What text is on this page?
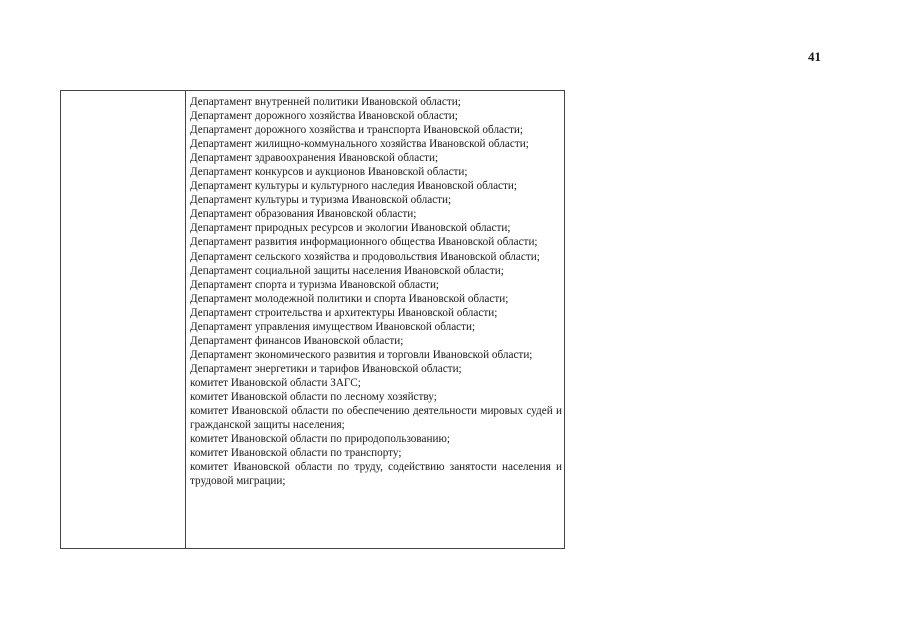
41
Департамент внутренней политики Ивановской области;
Департамент дорожного хозяйства Ивановской области;
Департамент дорожного хозяйства и транспорта Ивановской области;
Департамент жилищно-коммунального хозяйства Ивановской области;
Департамент здравоохранения Ивановской области;
Департамент конкурсов и аукционов Ивановской области;
Департамент культуры и культурного наследия Ивановской области;
Департамент культуры и туризма Ивановской области;
Департамент образования Ивановской области;
Департамент природных ресурсов и экологии Ивановской области;
Департамент развития информационного общества Ивановской области;
Департамент сельского хозяйства и продовольствия Ивановской области;
Департамент социальной защиты населения Ивановской области;
Департамент спорта и туризма Ивановской области;
Департамент молодежной политики и спорта Ивановской области;
Департамент строительства и архитектуры Ивановской области;
Департамент управления имуществом Ивановской области;
Департамент финансов Ивановской области;
Департамент экономического развития и торговли Ивановской области;
Департамент энергетики и тарифов Ивановской области;
комитет Ивановской области ЗАГС;
комитет Ивановской области по лесному хозяйству;
комитет Ивановской области по обеспечению деятельности мировых судей и гражданской защиты населения;
комитет Ивановской области по природопользованию;
комитет Ивановской области по транспорту;
комитет Ивановской области по труду, содействию занятости населения и трудовой миграции;
